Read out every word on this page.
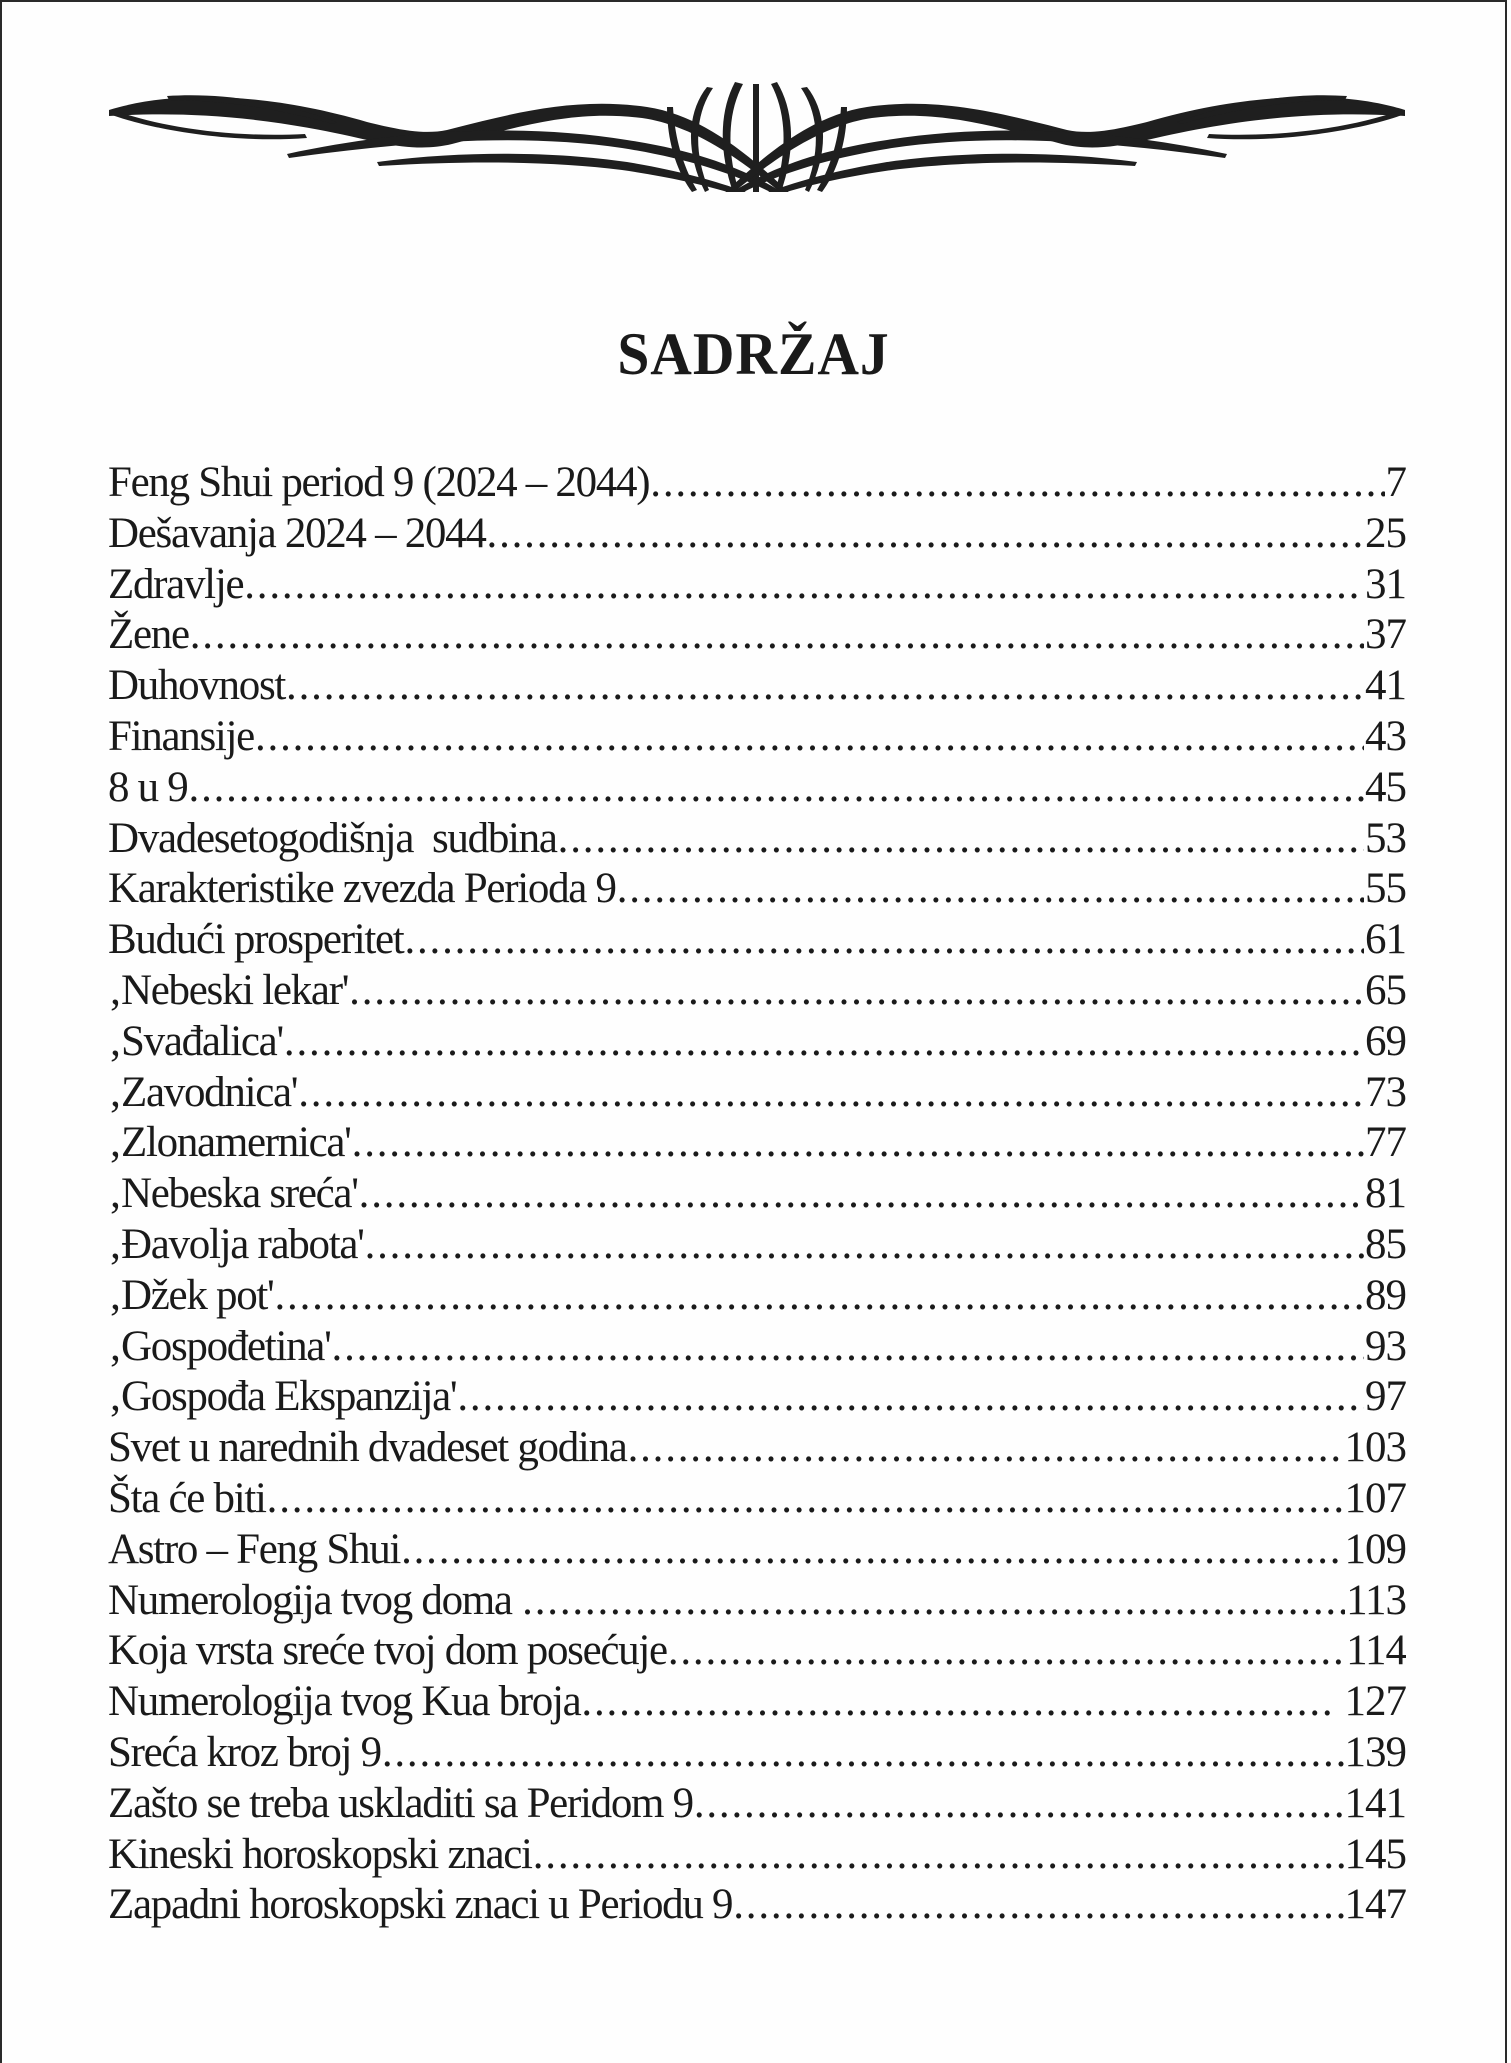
SADRŽAJ
Feng Shui period 9 (2024 – 2044) .....	7
Dešavanja 2024 – 2044 .....	25
Zdravlje .....	31
Žene .....	37
Duhovnost .....	41
Finansije .....	43
8 u 9 .....	45
Dvadesetogodišnja  sudbina .....	53
Karakteristike zvezda Perioda 9 .....	55
Budući prosperitet .....	61
‚Nebeski lekar' .....	65
‚Svađalica' .....	69
‚Zavodnica' .....	73
‚Zlonamernica' .....	77
‚Nebeska sreća' .....	81
‚Đavolja rabota' .....	85
‚Džek pot' .....	89
‚Gospođetina' .....	93
‚Gospođa Ekspanzija' .....	97
Svet u narednih dvadeset godina .....	103
Šta će biti .....	107
Astro – Feng Shui .....	109
Numerologija tvog doma .....	113
Koja vrsta sreće tvoj dom posećuje .....	114
Numerologija tvog Kua broja .....	127
Sreća kroz broj 9 .....	139
Zašto se treba uskladiti sa Peridom 9 .....	141
Kineski horoskopski znaci .....	145
Zapadni horoskopski znaci u Periodu 9 .....	147
